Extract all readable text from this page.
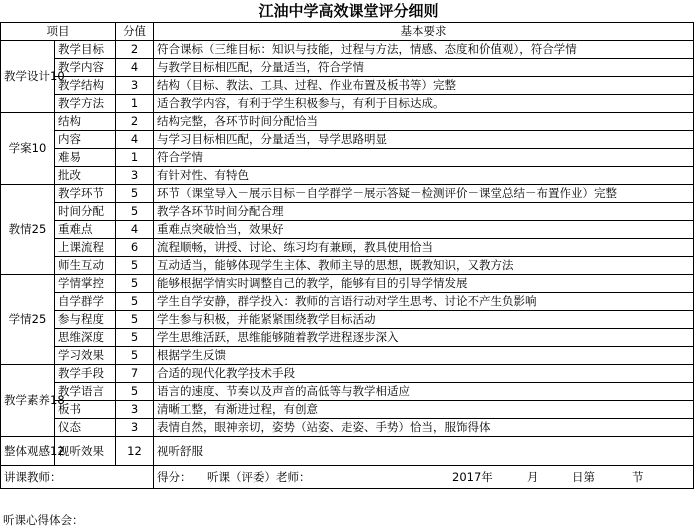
江油中学高效课堂评分细则
项目		分值	基本要求
教学设计10	教学目标	2	符合课标（三维目标：知识与技能，过程与方法，情感、态度和价值观），符合学情
	教学内容	4	与教学目标相匹配，分量适当，符合学情
	教学结构	3	结构（目标、教法、工具、过程、作业布置及板书等）完整
	教学方法	1	适合教学内容，有利于学生积极参与，有利于目标达成。
学案10	结构	2	结构完整，各环节时间分配恰当
	内容	4	与学习目标相匹配，分量适当，导学思路明显
	难易	1	符合学情
	批改	3	有针对性、有特色
教情25	教学环节	5	环节（课堂导入－展示目标－自学群学－展示答疑－检测评价－课堂总结－布置作业）完整
	时间分配	5	教学各环节时间分配合理
	重难点	4	重难点突破恰当，效果好
	上课流程	6	流程顺畅，讲授、讨论、练习均有兼顾，教具使用恰当
	师生互动	5	互动适当，能够体现学生主体、教师主导的思想，既教知识，又教方法
学情25	学情掌控	5	能够根据学情实时调整自己的教学，能够有目的引导学情发展
	自学群学	5	学生自学安静，群学投入：教师的言语行动对学生思考、讨论不产生负影响
	参与程度	5	学生参与积极，并能紧紧围绕教学目标活动
	思维深度	5	学生思维活跃，思维能够随着教学进程逐步深入
	学习效果	5	根据学生反馈
教学素养18	教学手段	7	合适的现代化教学技术手段
	教学语言	5	语言的速度、节奏以及声音的高低等与教学相适应
	板书	3	清晰工整，有渐进过程，有创意
	仪态	3	表情自然，眼神亲切，姿势（站姿、走姿、手势）恰当，服饰得体
整体观感12	视听效果	12	视听舒服
讲课教师：			得分： 听课（评委）老师： 2017年 月 日第 节
听课心得体会：
